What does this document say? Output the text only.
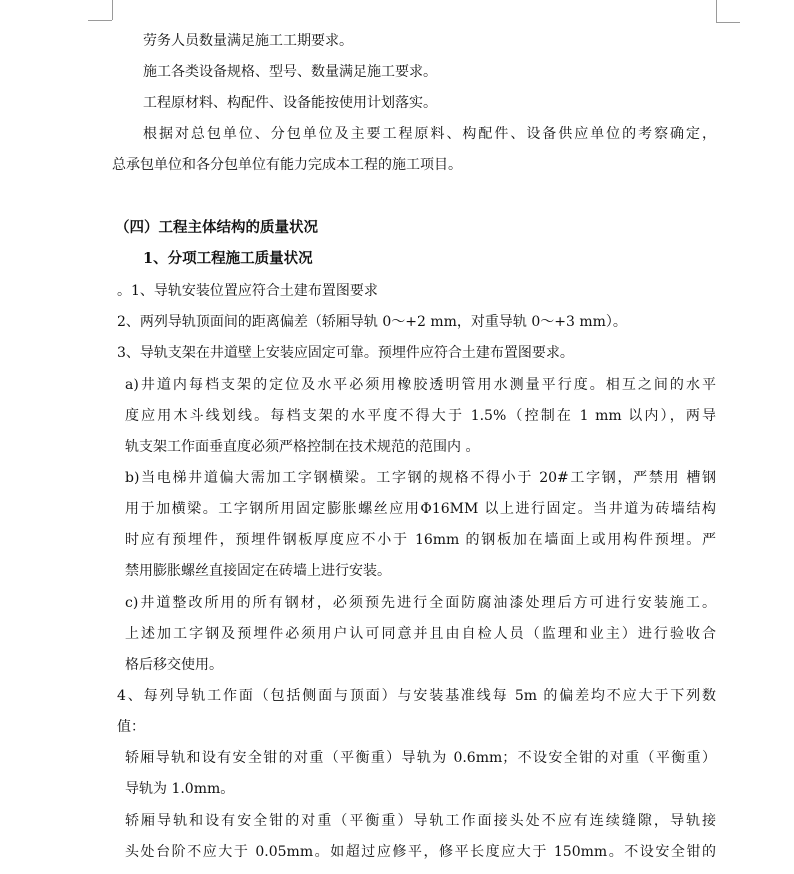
劳务人员数量满足施工工期要求。
施工各类设备规格、型号、数量满足施工要求。
工程原材料、构配件、设备能按使用计划落实。
根据对总包单位、分包单位及主要工程原料、构配件、设备供应单位的考察确定，
总承包单位和各分包单位有能力完成本工程的施工项目。
（四）工程主体结构的质量状况
1、分项工程施工质量状况
。1、导轨安装位置应符合土建布置图要求
2、两列导轨顶面间的距离偏差（轿厢导轨 0～+2 mm，对重导轨 0～+3 mm）。
3、导轨支架在井道壁上安装应固定可靠。预埋件应符合土建布置图要求。
a)井道内每档支架的定位及水平必须用橡胶透明管用水测量平行度。相互之间的水平
度应用木斗线划线。每档支架的水平度不得大于 1.5%（控制在 1 mm 以内），两导
轨支架工作面垂直度必须严格控制在技术规范的范围内 。
b)当电梯井道偏大需加工字钢横梁。工字钢的规格不得小于 20#工字钢，严禁用 槽钢
用于加横梁。工字钢所用固定膨胀螺丝应用Φ16MM 以上进行固定。当井道为砖墙结构
时应有预埋件，预埋件钢板厚度应不小于 16mm 的钢板加在墙面上或用构件预埋。严
禁用膨胀螺丝直接固定在砖墙上进行安装。
c)井道整改所用的所有钢材，必须预先进行全面防腐油漆处理后方可进行安装施工。
上述加工字钢及预埋件必须用户认可同意并且由自检人员（监理和业主）进行验收合
格后移交使用。
4、每列导轨工作面（包括侧面与顶面）与安装基准线每 5m 的偏差均不应大于下列数
值：
轿厢导轨和设有安全钳的对重（平衡重）导轨为 0.6mm；不设安全钳的对重（平衡重）
导轨为 1.0mm。
轿厢导轨和设有安全钳的对重（平衡重）导轨工作面接头处不应有连续缝隙，导轨接
头处台阶不应大于 0.05mm。如超过应修平，修平长度应大于 150mm。不设安全钳的
